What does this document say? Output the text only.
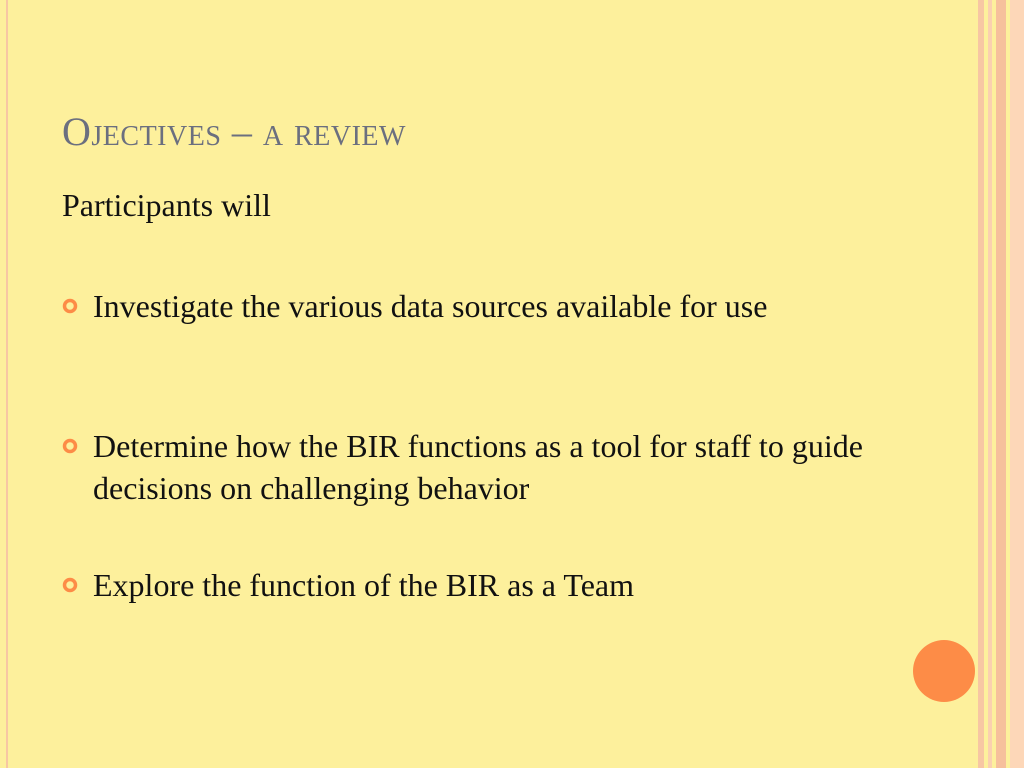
Ojectives – a review
Participants will
Investigate the various data sources available for use
Determine how the BIR functions as a tool for staff to guide decisions on challenging behavior
Explore the function of the BIR as a Team
